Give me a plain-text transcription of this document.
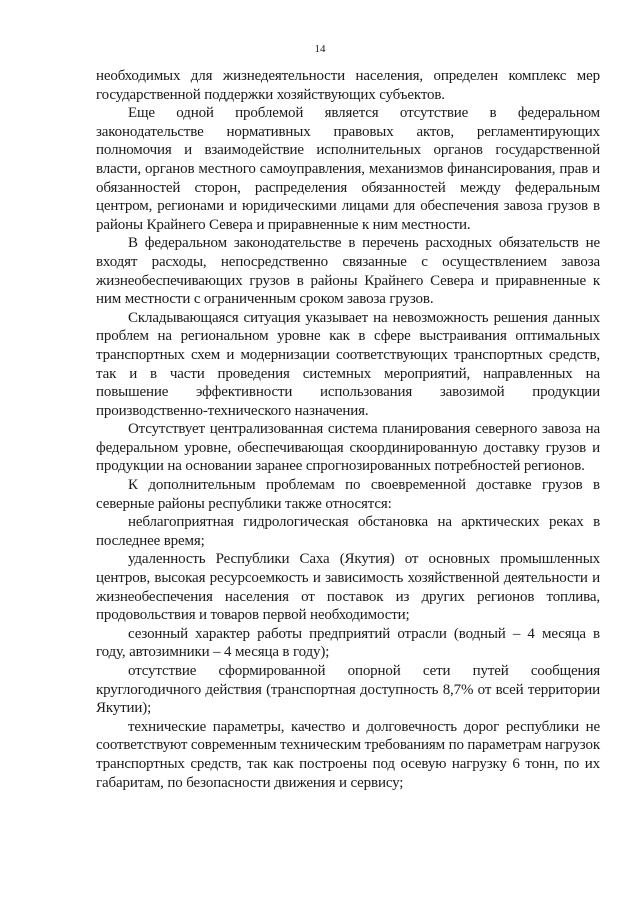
14

необходимых для жизнедеятельности населения, определен комплекс мер государственной поддержки хозяйствующих субъектов.

Еще одной проблемой является отсутствие в федеральном законодательстве нормативных правовых актов, регламентирующих полномочия и взаимодействие исполнительных органов государственной власти, органов местного самоуправления, механизмов финансирования, прав и обязанностей сторон, распределения обязанностей между федеральным центром, регионами и юридическими лицами для обеспечения завоза грузов в районы Крайнего Севера и приравненные к ним местности.

В федеральном законодательстве в перечень расходных обязательств не входят расходы, непосредственно связанные с осуществлением завоза жизнеобеспечивающих грузов в районы Крайнего Севера и приравненные к ним местности с ограниченным сроком завоза грузов.

Складывающаяся ситуация указывает на невозможность решения данных проблем на региональном уровне как в сфере выстраивания оптимальных транспортных схем и модернизации соответствующих транспортных средств, так и в части проведения системных мероприятий, направленных на повышение эффективности использования завозимой продукции производственно-технического назначения.

Отсутствует централизованная система планирования северного завоза на федеральном уровне, обеспечивающая скоординированную доставку грузов и продукции на основании заранее спрогнозированных потребностей регионов.

К дополнительным проблемам по своевременной доставке грузов в северные районы республики также относятся:

неблагоприятная гидрологическая обстановка на арктических реках в последнее время;

удаленность Республики Саха (Якутия) от основных промышленных центров, высокая ресурсоемкость и зависимость хозяйственной деятельности и жизнеобеспечения населения от поставок из других регионов топлива, продовольствия и товаров первой необходимости;

сезонный характер работы предприятий отрасли (водный – 4 месяца в году, автозимники – 4 месяца в году);

отсутствие сформированной опорной сети путей сообщения круглогодичного действия (транспортная доступность 8,7% от всей территории Якутии);

технические параметры, качество и долговечность дорог республики не соответствуют современным техническим требованиям по параметрам нагрузок транспортных средств, так как построены под осевую нагрузку 6 тонн, по их габаритам, по безопасности движения и сервису;
